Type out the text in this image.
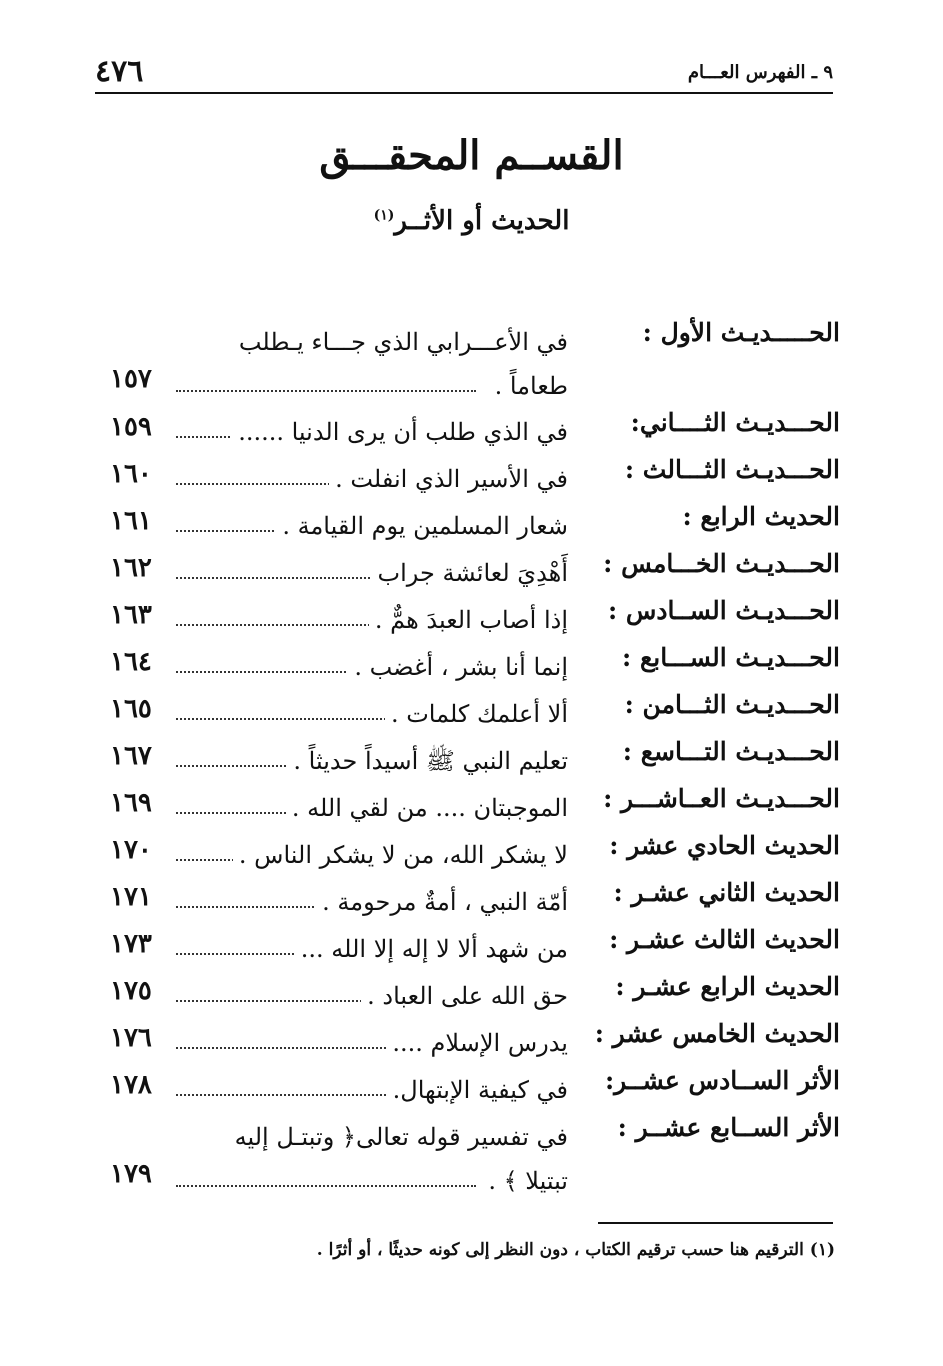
٤٧٦	٩ ـ الفهرس العـــام
القســم المحقـــق
الحديث أو الأثــر$^{(١)}$
الحـــــديـث الأول :
في الأعـــرابي الذي جـــاء يـطلب
طعاماً .
١٥٧
الحـــديـث الثــــاني:
في الذي طلب أن يرى الدنيا ......
١٥٩
الحـــديـث الثـــالث :
في الأسير الذي انفلت .
١٦٠
الحديث الرابع :
شعار المسلمين يوم القيامة .
١٦١
الحـــديـث الخـــامس :
أَهْدِيَ لعائشة جراب
١٦٢
الحـــديـث الســادس :
إذا أصاب العبدَ همٌّ .
١٦٣
الحـــديـث الســـابع :
إنما أنا بشر ، أغضب .
١٦٤
الحـــديـث الثـــامن :
ألا أعلمك كلمات .
١٦٥
الحـــديـث التـــاسع :
تعليم النبي ﷺ أسيداً حديثاً .
١٦٧
الحـــديـث العــاشـــر :
الموجبتان .... من لقي الله .
١٦٩
الحديث الحادي عشر :
لا يشكر الله، من لا يشكر الناس .
١٧٠
الحديث الثاني عشـر :
أمّة النبي ، أمةٌ مرحومة .
١٧١
الحديث الثالث عشـر :
من شهد ألا لا إله إلا الله ...
١٧٣
الحديث الرابع عشـر :
حق الله على العباد .
١٧٥
الحديث الخامس عشر :
يدرس الإسلام ....
١٧٦
الأثر الســادس عشــر:
في كيفية الإبتهال.
١٧٨
الأثر الســابع عشــر :
في تفسير قوله تعالى﴿ وتبتـل إليه
تبتيلا ﴾ .
١٧٩
(١) الترقيم هنا حسب ترقيم الكتاب ، دون النظر إلى كونه حديثًا ، أو أثرًا .
